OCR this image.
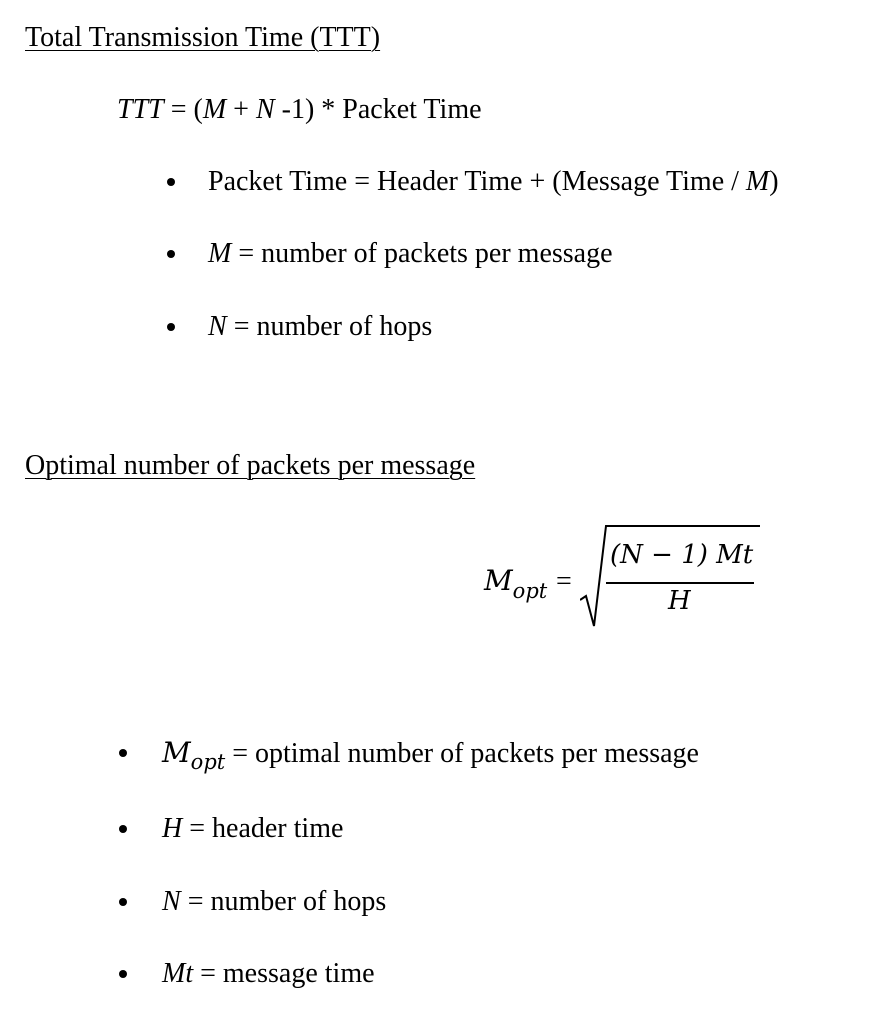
Total Transmission Time (TTT)
TTT = (M + N -1) * Packet Time
Packet Time = Header Time + (Message Time / M)
M = number of packets per message
N = number of hops
Optimal number of packets per message
$M_{opt}$ =
(N − 1) Mt
H
$M_{opt}$ = optimal number of packets per message
H = header time
N = number of hops
Mt = message time
